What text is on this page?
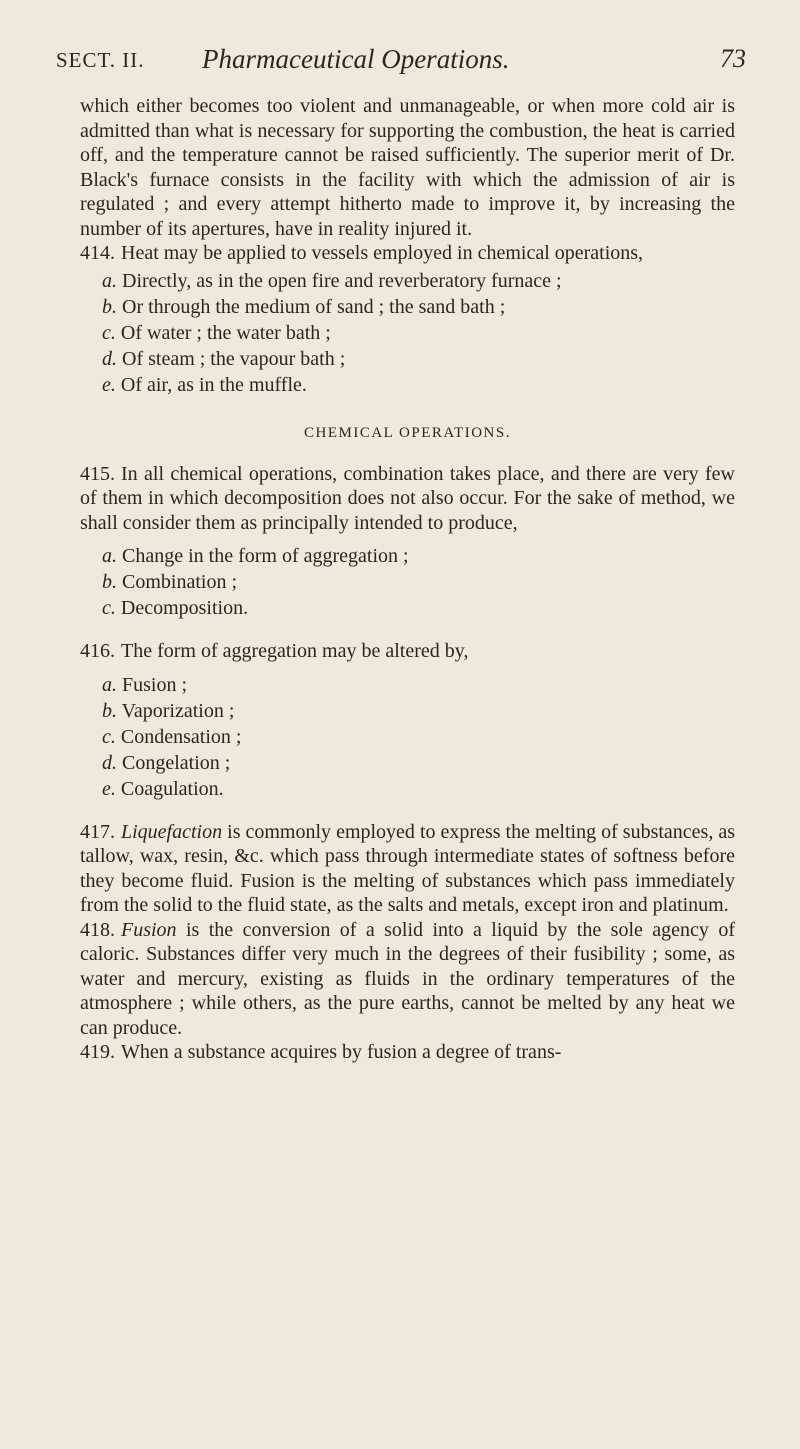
SECT. II. Pharmaceutical Operations.	73

which either becomes too violent and unmanageable, or when more cold air is admitted than what is necessary for supporting the combustion, the heat is carried off, and the temperature cannot be raised sufficiently. The superior merit of Dr. Black's furnace consists in the facility with which the admission of air is regulated ; and every attempt hitherto made to improve it, by increasing the number of its apertures, have in reality injured it.

414. Heat may be applied to vessels employed in chemical operations,

a. Directly, as in the open fire and reverberatory furnace ;
b. Or through the medium of sand ; the sand bath ;
c. Of water ; the water bath ;
d. Of steam ; the vapour bath ;
e. Of air, as in the muffle.

CHEMICAL OPERATIONS.

415. In all chemical operations, combination takes place, and there are very few of them in which decomposition does not also occur. For the sake of method, we shall consider them as principally intended to produce,

a. Change in the form of aggregation ;
b. Combination ;
c. Decomposition.

416. The form of aggregation may be altered by,

a. Fusion ;
b. Vaporization ;
c. Condensation ;
d. Congelation ;
e. Coagulation.

417. Liquefaction is commonly employed to express the melting of substances, as tallow, wax, resin, &c. which pass through intermediate states of softness before they become fluid. Fusion is the melting of substances which pass immediately from the solid to the fluid state, as the salts and metals, except iron and platinum.

418. Fusion is the conversion of a solid into a liquid by the sole agency of caloric. Substances differ very much in the degrees of their fusibility ; some, as water and mercury, existing as fluids in the ordinary temperatures of the atmosphere ; while others, as the pure earths, cannot be melted by any heat we can produce.

419. When a substance acquires by fusion a degree of trans-
